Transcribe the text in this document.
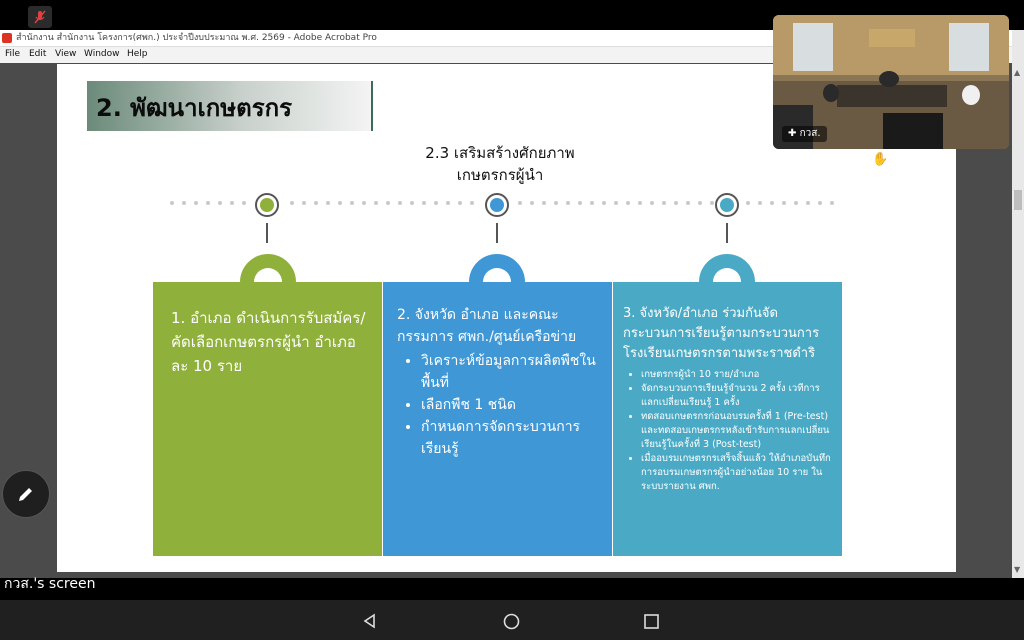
สำนักงาน สำนักงาน โครงการ(ศพก.) ประจำปีงบประมาณ พ.ศ. 2569 - Adobe Acrobat Pro
File Edit View Window Help
▲
▼
2. พัฒนาเกษตรกร
2.3 เสริมสร้างศักยภาพ
เกษตรกรผู้นำ
1. อำเภอ ดำเนินการรับสมัคร/คัดเลือกเกษตรกรผู้นำ อำเภอละ 10 ราย
2. จังหวัด อำเภอ และคณะกรรมการ ศพก./ศูนย์เครือข่าย
• วิเคราะห์ข้อมูลการผลิตพืชในพื้นที่
• เลือกพืช 1 ชนิด
• กำหนดการจัดกระบวนการเรียนรู้
3. จังหวัด/อำเภอ ร่วมกันจัดกระบวนการเรียนรู้ตามกระบวนการโรงเรียนเกษตรกรตามพระราชดำริ
• เกษตรกรผู้นำ 10 ราย/อำเภอ
• จัดกระบวนการเรียนรู้จำนวน 2 ครั้ง เวทีการแลกเปลี่ยนเรียนรู้ 1 ครั้ง
• ทดสอบเกษตรกรก่อนอบรมครั้งที่ 1 (Pre-test) และทดสอบเกษตรกรหลังเข้ารับการแลกเปลี่ยนเรียนรู้ในครั้งที่ 3 (Post-test)
• เมื่ออบรมเกษตรกรเสร็จสิ้นแล้ว ให้อำเภอบันทึกการอบรมเกษตรกรผู้นำอย่างน้อย 10 ราย ในระบบรายงาน ศพก.
✚ กวส.
✋
กวส.'s screen
